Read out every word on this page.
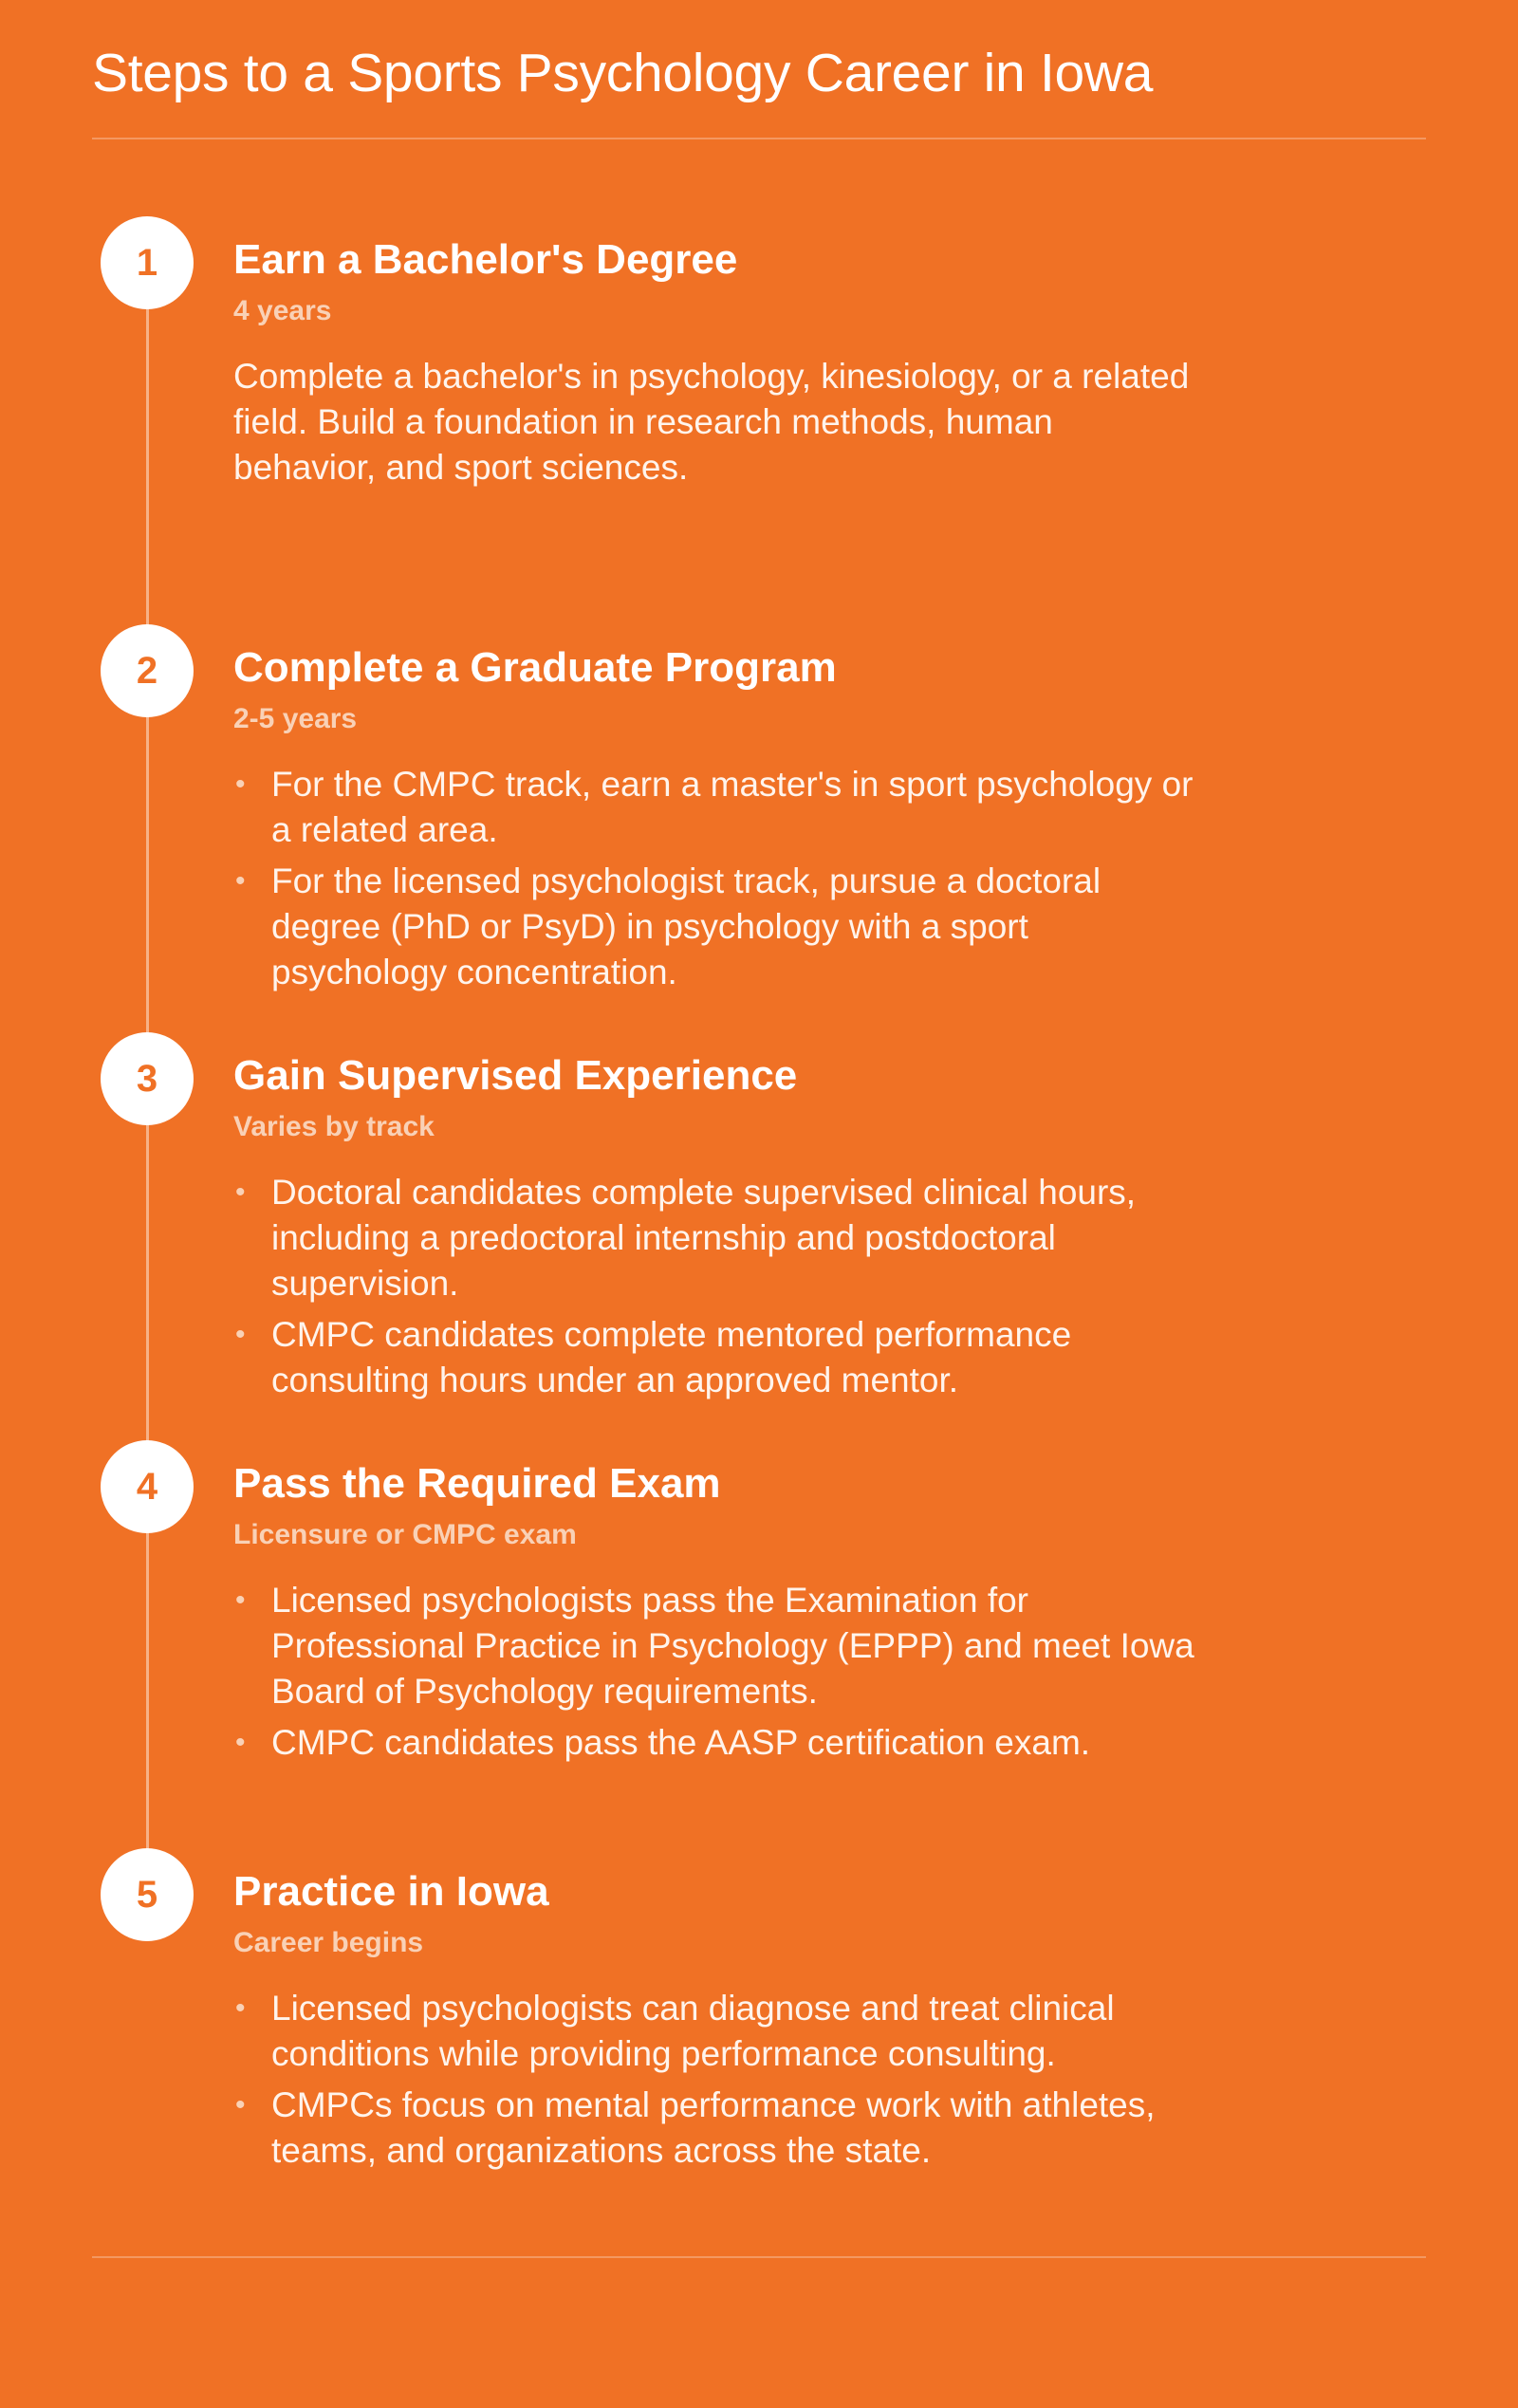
Steps to a Sports Psychology Career in Iowa
1	Earn a Bachelor's Degree
4 years
Complete a bachelor's in psychology, kinesiology, or a related field. Build a foundation in research methods, human behavior, and sport sciences.
2	Complete a Graduate Program
2-5 years
• For the CMPC track, earn a master's in sport psychology or a related area.
• For the licensed psychologist track, pursue a doctoral degree (PhD or PsyD) in psychology with a sport psychology concentration.
3	Gain Supervised Experience
Varies by track
• Doctoral candidates complete supervised clinical hours, including a predoctoral internship and postdoctoral supervision.
• CMPC candidates complete mentored performance consulting hours under an approved mentor.
4	Pass the Required Exam
Licensure or CMPC exam
• Licensed psychologists pass the Examination for Professional Practice in Psychology (EPPP) and meet Iowa Board of Psychology requirements.
• CMPC candidates pass the AASP certification exam.
5	Practice in Iowa
Career begins
• Licensed psychologists can diagnose and treat clinical conditions while providing performance consulting.
• CMPCs focus on mental performance work with athletes, teams, and organizations across the state.
